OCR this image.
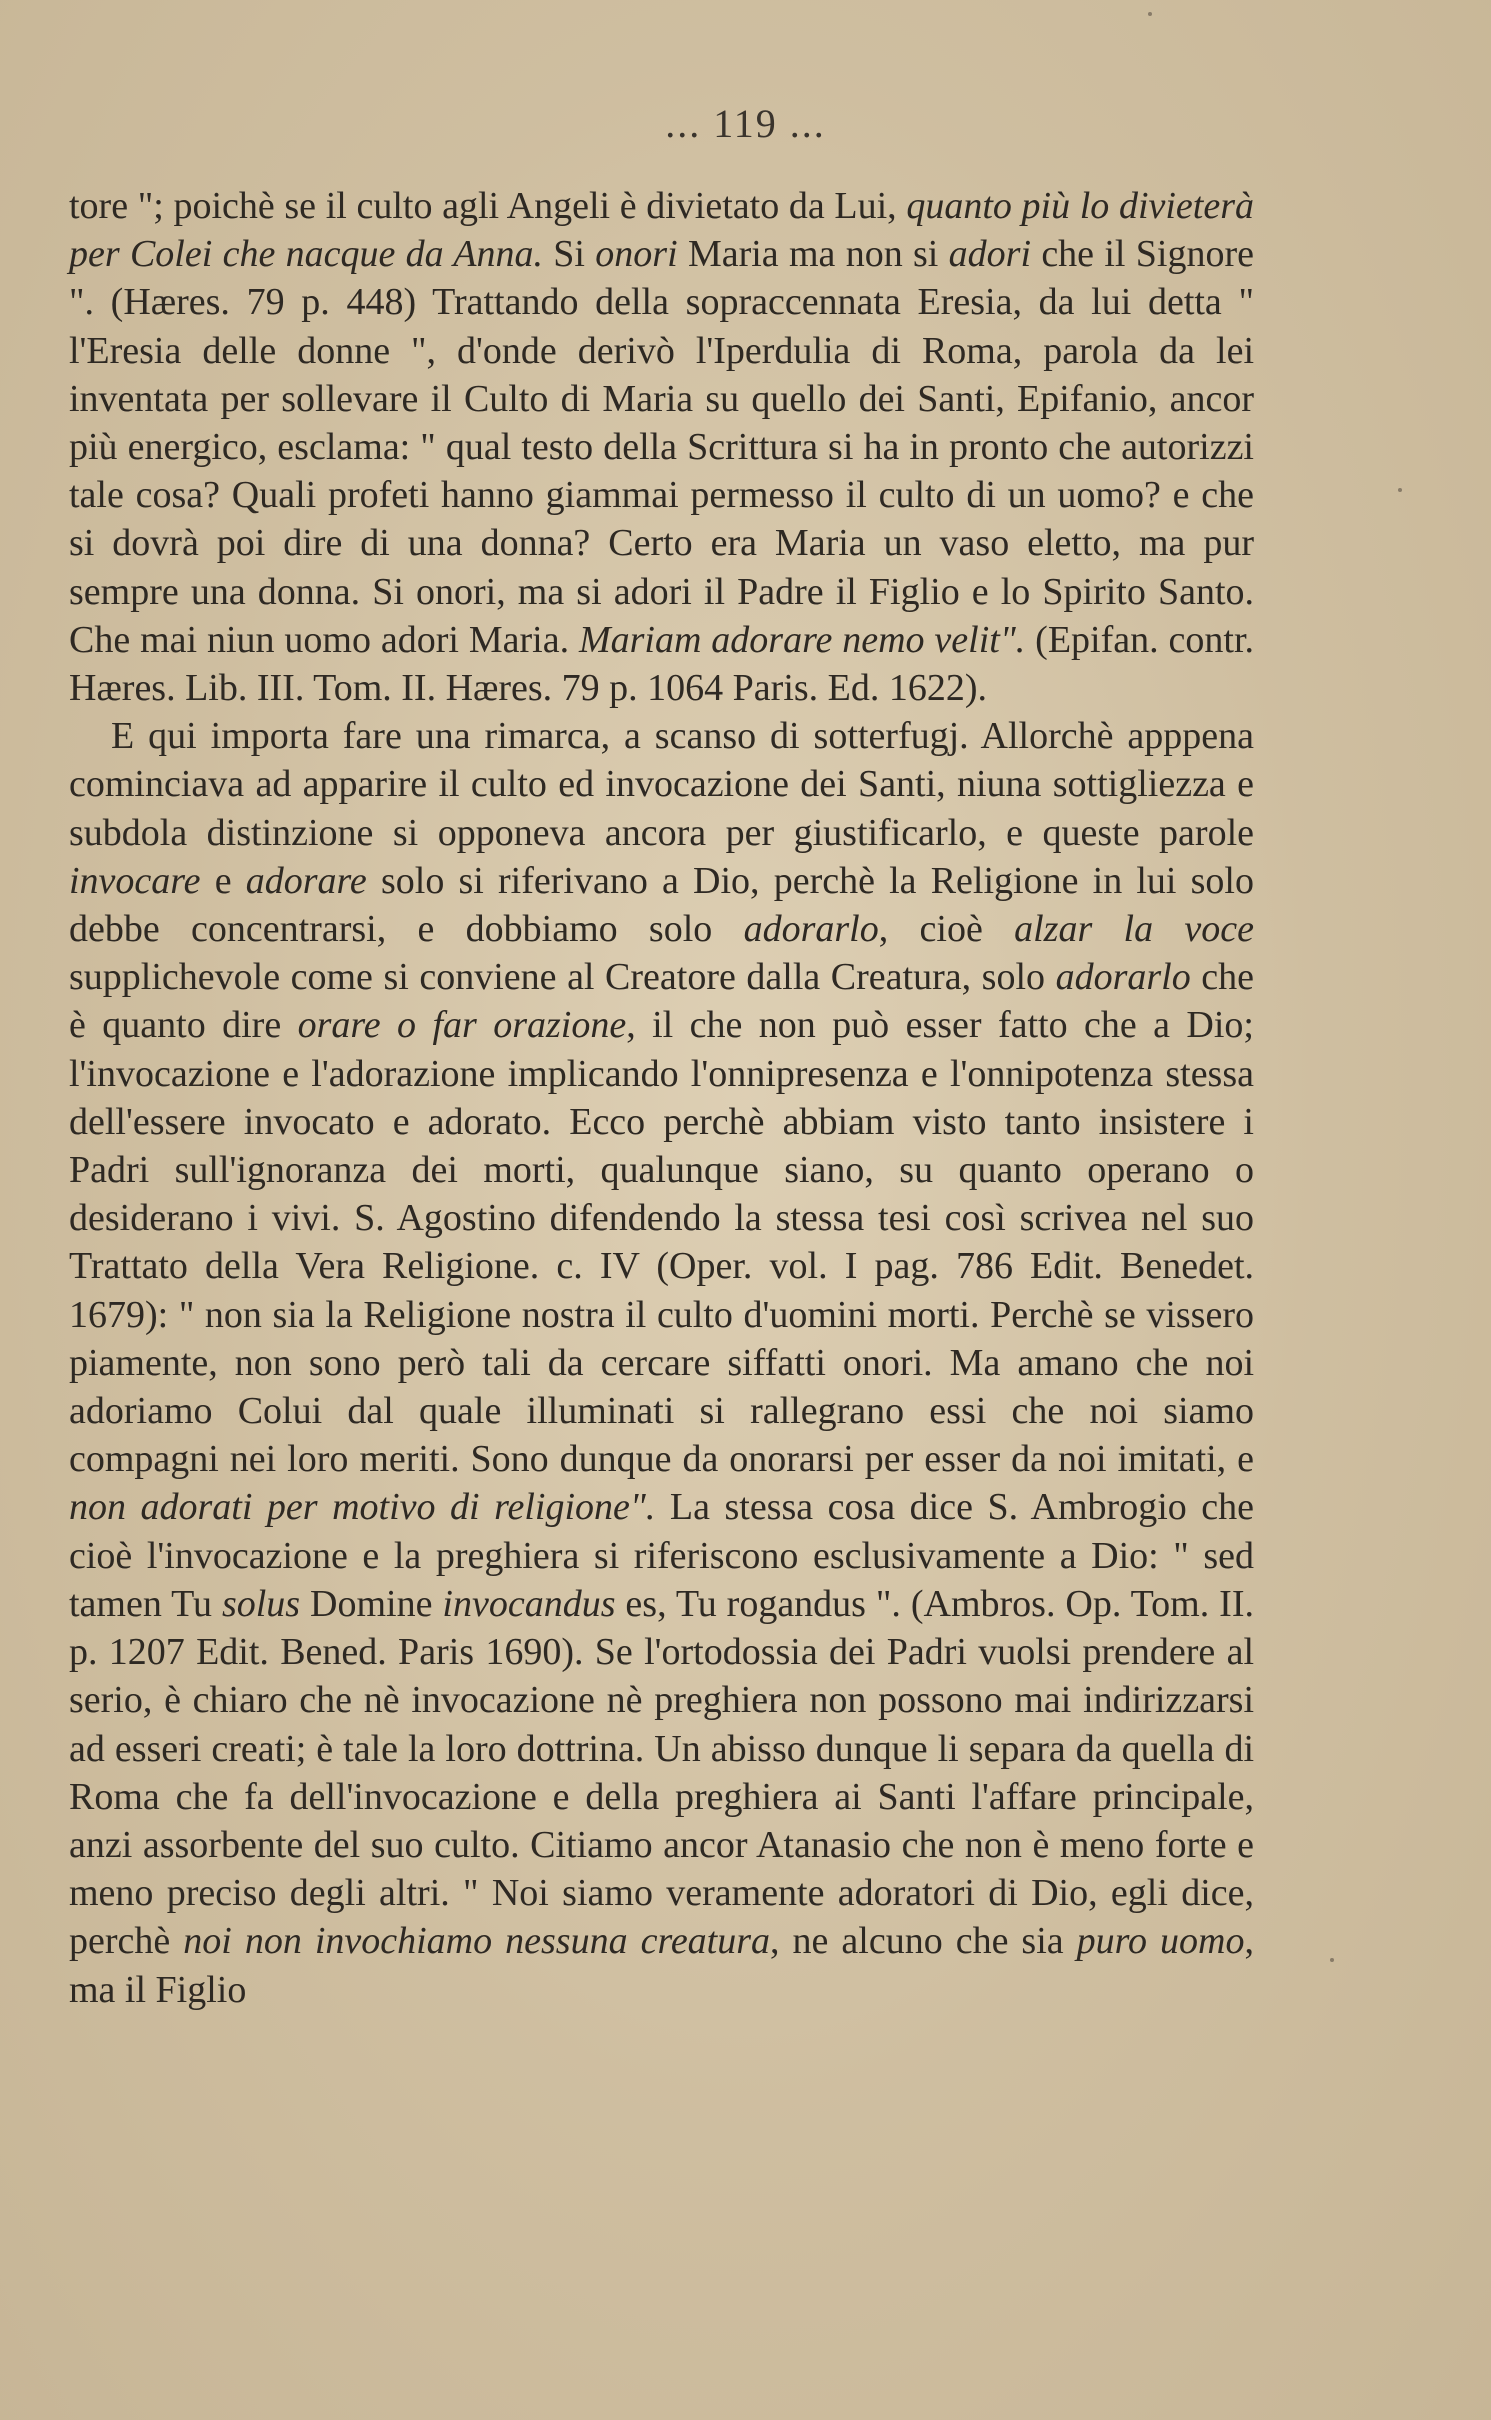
... 119 ...

tore "; poichè se il culto agli Angeli è divietato da Lui, quanto più lo divieterà per Colei che nacque da Anna. Si onori Maria ma non si adori che il Signore ". (Hæres. 79 p. 448) Trattando della sopraccennata Eresia, da lui detta " l'Eresia delle donne ", d'onde derivò l'Iperdulia di Roma, parola da lei inventata per sollevare il Culto di Maria su quello dei Santi, Epifanio, ancor più energico, esclama: " qual testo della Scrittura si ha in pronto che autorizzi tale cosa? Quali profeti hanno giammai permesso il culto di un uomo? e che si dovrà poi dire di una donna? Certo era Maria un vaso eletto, ma pur sempre una donna. Si onori, ma si adori il Padre il Figlio e lo Spirito Santo. Che mai niun uomo adori Maria. Mariam adorare nemo velit". (Epifan. contr. Hæres. Lib. III. Tom. II. Hæres. 79 p. 1064 Paris. Ed. 1622).

E qui importa fare una rimarca, a scanso di sotterfugj. Allorchè apppena cominciava ad apparire il culto ed invocazione dei Santi, niuna sottigliezza e subdola distinzione si opponeva ancora per giustificarlo, e queste parole invocare e adorare solo si riferivano a Dio, perchè la Religione in lui solo debbe concentrarsi, e dobbiamo solo adorarlo, cioè alzar la voce supplichevole come si conviene al Creatore dalla Creatura, solo adorarlo che è quanto dire orare o far orazione, il che non può esser fatto che a Dio; l'invocazione e l'adorazione implicando l'onnipresenza e l'onnipotenza stessa dell'essere invocato e adorato. Ecco perchè abbiam visto tanto insistere i Padri sull'ignoranza dei morti, qualunque siano, su quanto operano o desiderano i vivi. S. Agostino difendendo la stessa tesi così scrivea nel suo Trattato della Vera Religione. c. IV (Oper. vol. I pag. 786 Edit. Benedet. 1679): " non sia la Religione nostra il culto d'uomini morti. Perchè se vissero piamente, non sono però tali da cercare siffatti onori. Ma amano che noi adoriamo Colui dal quale illuminati si rallegrano essi che noi siamo compagni nei loro meriti. Sono dunque da onorarsi per esser da noi imitati, e non adorati per motivo di religione". La stessa cosa dice S. Ambrogio che cioè l'invocazione e la preghiera si riferiscono esclusivamente a Dio: " sed tamen Tu solus Domine invocandus es, Tu rogandus ". (Ambros. Op. Tom. II. p. 1207 Edit. Bened. Paris 1690). Se l'ortodossia dei Padri vuolsi prendere al serio, è chiaro che nè invocazione nè preghiera non possono mai indirizzarsi ad esseri creati; è tale la loro dottrina. Un abisso dunque li separa da quella di Roma che fa dell'invocazione e della preghiera ai Santi l'affare principale, anzi assorbente del suo culto. Citiamo ancor Atanasio che non è meno forte e meno preciso degli altri. " Noi siamo veramente adoratori di Dio, egli dice, perchè noi non invochiamo nessuna creatura, ne alcuno che sia puro uomo, ma il Figlio
